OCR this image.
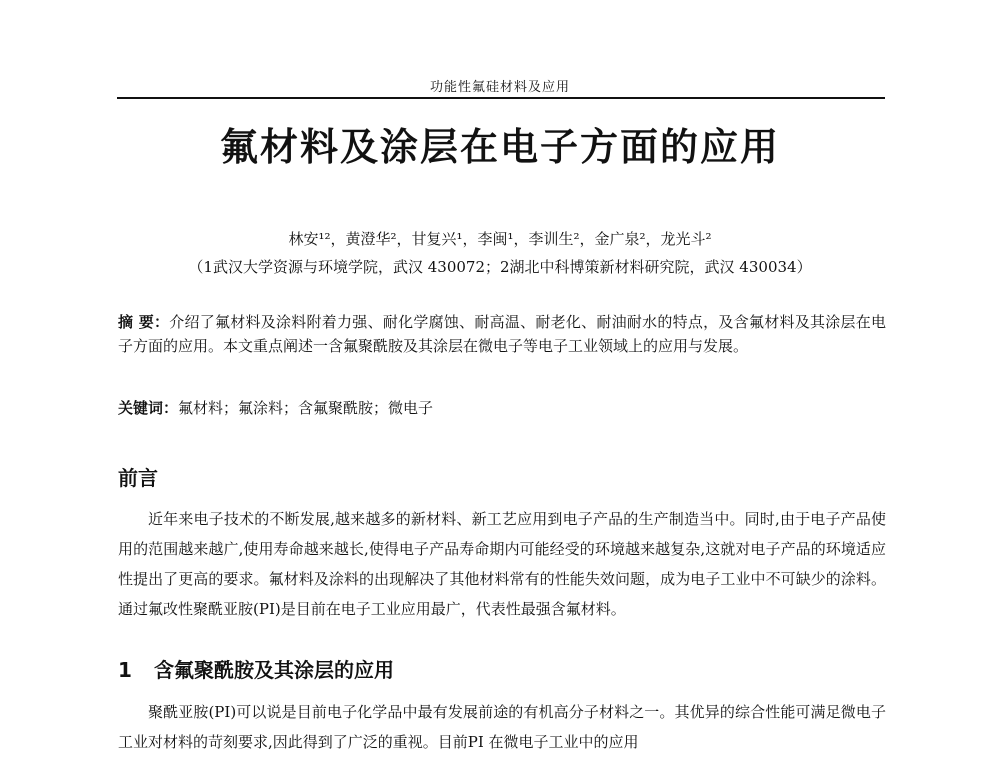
功能性氟硅材料及应用
氟材料及涂层在电子方面的应用
林安¹²，黄澄华²，甘复兴¹，李闽¹，李训生²，金广泉²，龙光斗²
（1武汉大学资源与环境学院，武汉 430072；2湖北中科博策新材料研究院，武汉 430034）
摘 要：介绍了氟材料及涂料附着力强、耐化学腐蚀、耐高温、耐老化、耐油耐水的特点，及含氟材料及其涂层在电子方面的应用。本文重点阐述一含氟聚酰胺及其涂层在微电子等电子工业领域上的应用与发展。
关键词：氟材料；氟涂料；含氟聚酰胺；微电子
前言
近年来电子技术的不断发展,越来越多的新材料、新工艺应用到电子产品的生产制造当中。同时,由于电子产品使用的范围越来越广,使用寿命越来越长,使得电子产品寿命期内可能经受的环境越来越复杂,这就对电子产品的环境适应性提出了更高的要求。氟材料及涂料的出现解决了其他材料常有的性能失效问题，成为电子工业中不可缺少的涂料。通过氟改性聚酰亚胺(PI)是目前在电子工业应用最广，代表性最强含氟材料。
1 含氟聚酰胺及其涂层的应用
聚酰亚胺(PI)可以说是目前电子化学品中最有发展前途的有机高分子材料之一。其优异的综合性能可满足微电子工业对材料的苛刻要求,因此得到了广泛的重视。目前PI 在微电子工业中的应用
